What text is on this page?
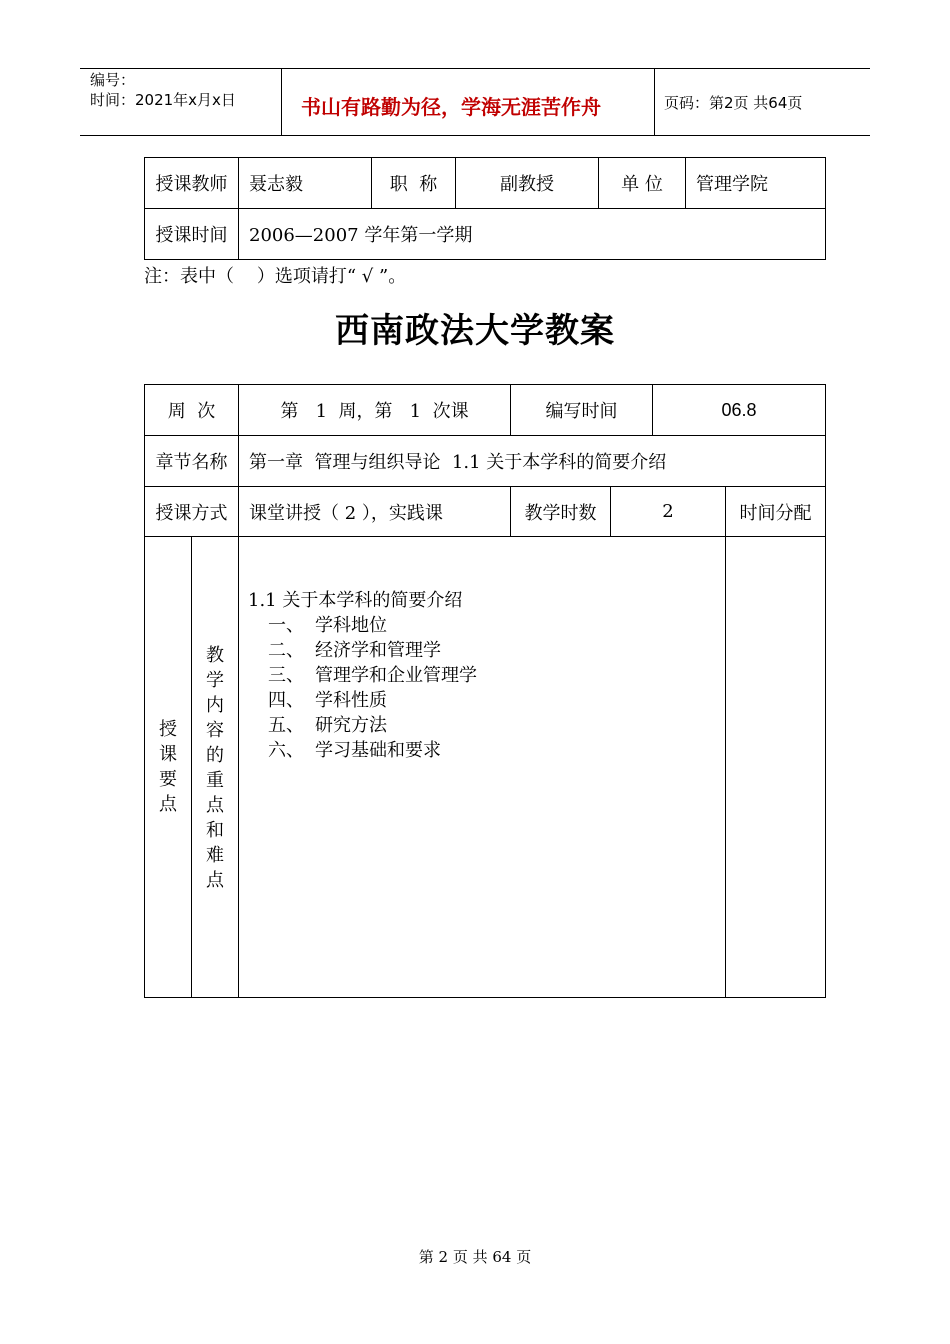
编号：
时间：2021年x月x日	书山有路勤为径，学海无涯苦作舟	页码：第2页 共64页
授课教师	聂志毅	职  称	副教授	单 位	管理学院
授课时间	2006—2007 学年第一学期				
注：表中（    ）选项请打“ √ ”。
西南政法大学教案
周  次		第   1  周，第   1  次课	编写时间		06.8	
章节名称		第一章  管理与组织导论  1.1 关于本学科的简要介绍				
授课方式		课堂讲授（ 2 ），实践课	教学时数	2		时间分配

授课要点	教学内容的重点和难点					

1.1 关于本学科的简要介绍
一、 学科地位
二、 经济学和管理学
三、 管理学和企业管理学
四、 学科性质
五、 研究方法
六、 学习基础和要求
第 2 页 共 64 页
